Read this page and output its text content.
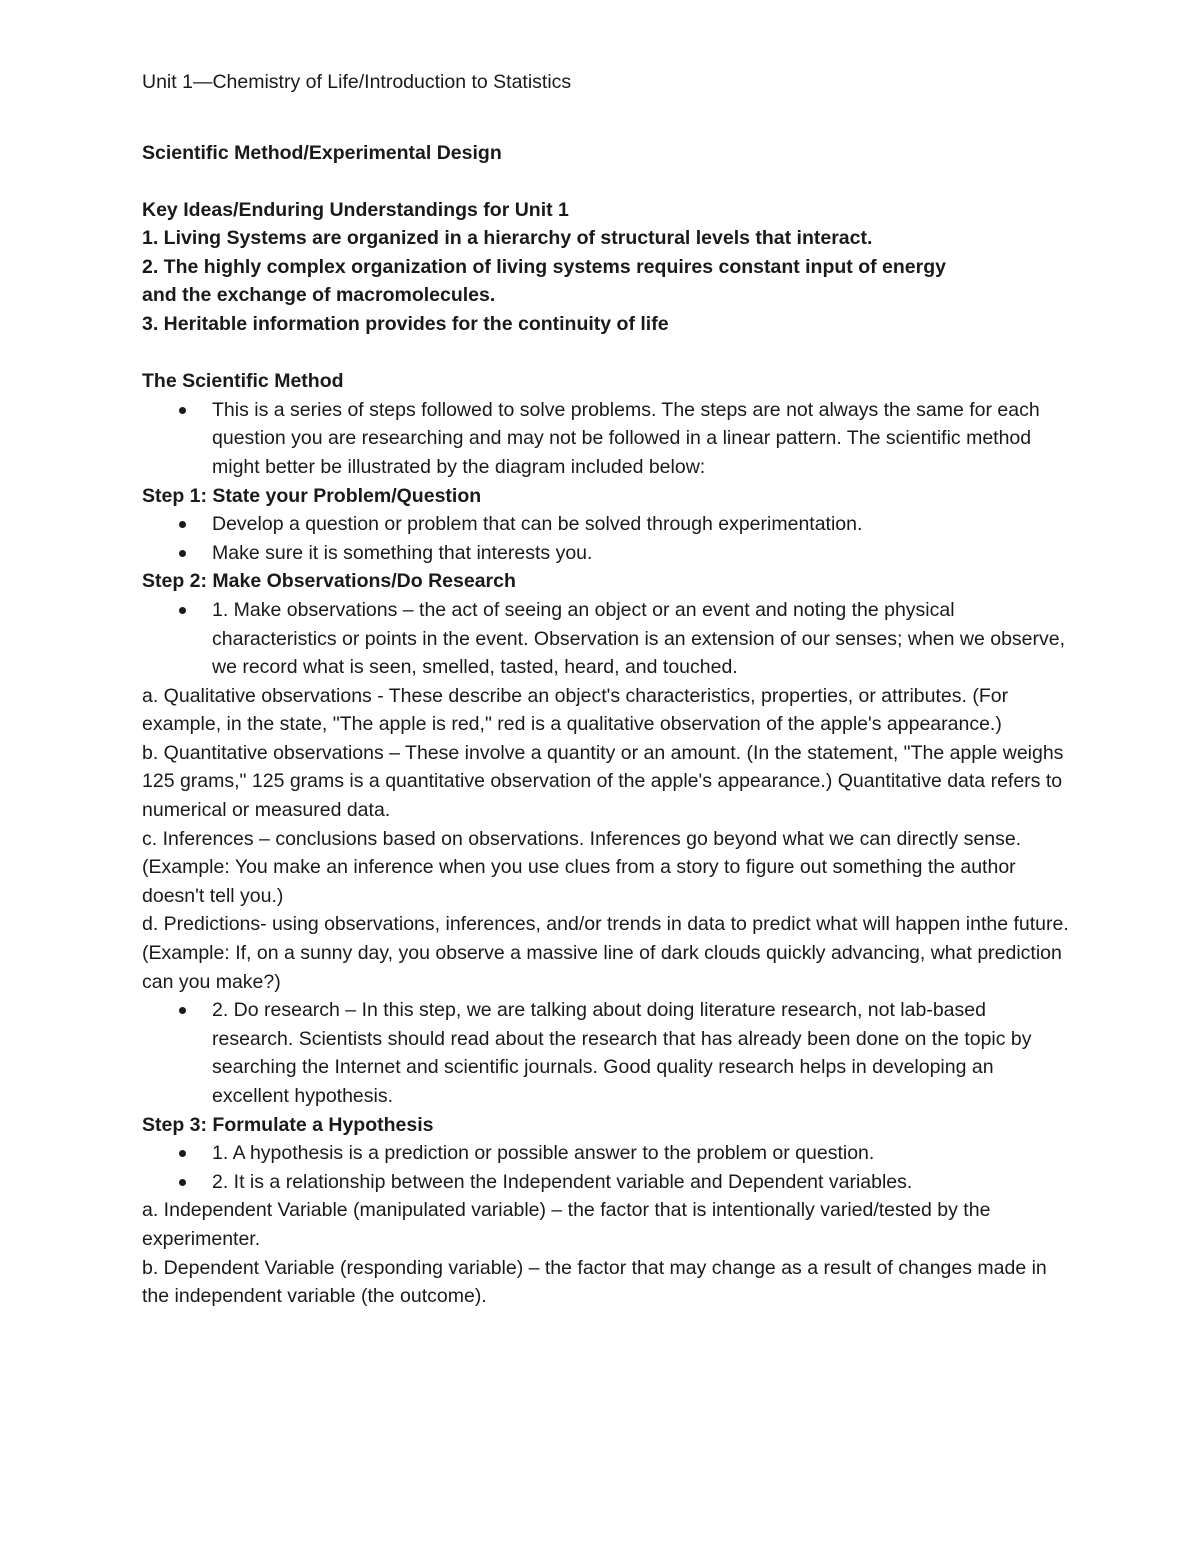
Unit 1—Chemistry of Life/Introduction to Statistics

Scientific Method/Experimental Design

Key Ideas/Enduring Understandings for Unit 1

1. Living Systems are organized in a hierarchy of structural levels that interact.

2. The highly complex organization of living systems requires constant input of energy

and the exchange of macromolecules.

3. Heritable information provides for the continuity of life

The Scientific Method

This is a series of steps followed to solve problems. The steps are not always the same for each question you are researching and may not be followed in a linear pattern. The scientific method might better be illustrated by the diagram included below:

Step 1: State your Problem/Question

Develop a question or problem that can be solved through experimentation.
Make sure it is something that interests you.

Step 2: Make Observations/Do Research

1. Make observations – the act of seeing an object or an event and noting the physical characteristics or points in the event. Observation is an extension of our senses; when we observe, we record what is seen, smelled, tasted, heard, and touched.

a. Qualitative observations - These describe an object's characteristics, properties, or attributes. (For example, in the state, "The apple is red," red is a qualitative observation of the apple's appearance.)

b. Quantitative observations – These involve a quantity or an amount. (In the statement, "The apple weighs 125 grams," 125 grams is a quantitative observation of the apple's appearance.) Quantitative data refers to numerical or measured data.

c. Inferences – conclusions based on observations. Inferences go beyond what we can directly sense. (Example: You make an inference when you use clues from a story to figure out something the author doesn't tell you.)

d. Predictions- using observations, inferences, and/or trends in data to predict what will happen inthe future. (Example: If, on a sunny day, you observe a massive line of dark clouds quickly advancing, what prediction can you make?)

2. Do research – In this step, we are talking about doing literature research, not lab-based research. Scientists should read about the research that has already been done on the topic by searching the Internet and scientific journals. Good quality research helps in developing an excellent hypothesis.

Step 3: Formulate a Hypothesis

1. A hypothesis is a prediction or possible answer to the problem or question.
2. It is a relationship between the Independent variable and Dependent variables.

a. Independent Variable (manipulated variable) – the factor that is intentionally varied/tested by the experimenter.

b. Dependent Variable (responding variable) – the factor that may change as a result of changes made in the independent variable (the outcome).
